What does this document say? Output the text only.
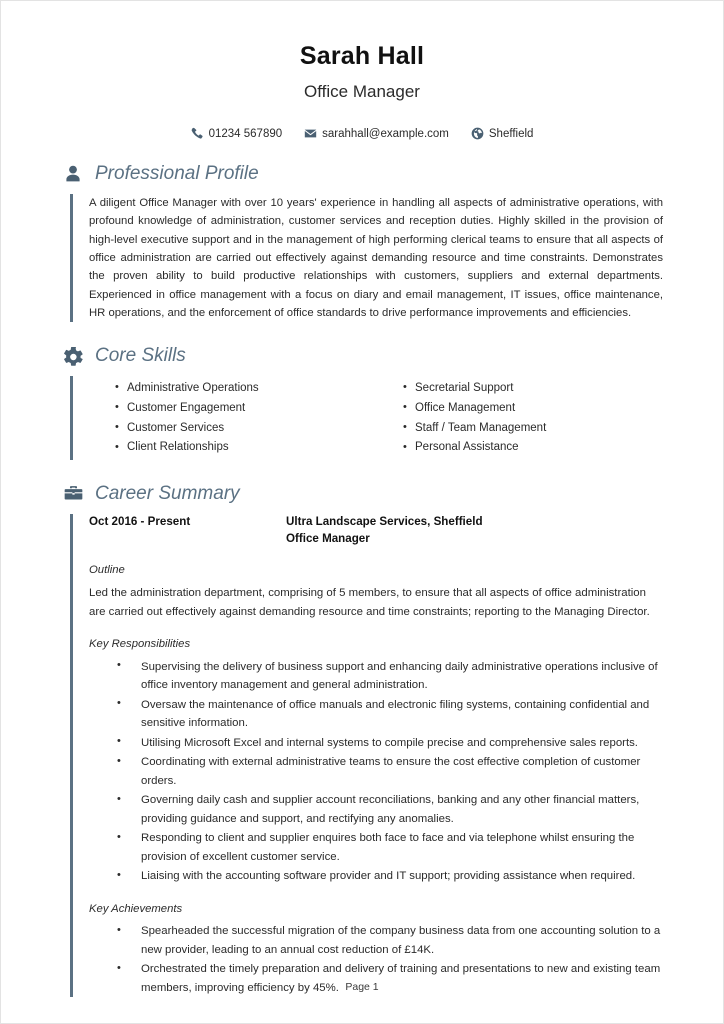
Sarah Hall
Office Manager
01234 567890	sarahhall@example.com	Sheffield
Professional Profile

A diligent Office Manager with over 10 years' experience in handling all aspects of administrative operations, with profound knowledge of administration, customer services and reception duties. Highly skilled in the provision of high-level executive support and in the management of high performing clerical teams to ensure that all aspects of office administration are carried out effectively against demanding resource and time constraints. Demonstrates the proven ability to build productive relationships with customers, suppliers and external departments. Experienced in office management with a focus on diary and email management, IT issues, office maintenance, HR operations, and the enforcement of office standards to drive performance improvements and efficiencies.

Core Skills
• Administrative Operations
• Customer Engagement
• Customer Services
• Client Relationships
• Secretarial Support
• Office Management
• Staff / Team Management
• Personal Assistance
Career Summary
Oct 2016 - Present	Ultra Landscape Services, Sheffield
Office Manager
Outline

Led the administration department, comprising of 5 members, to ensure that all aspects of office administration are carried out effectively against demanding resource and time constraints; reporting to the Managing Director.

Key Responsibilities
• Supervising the delivery of business support and enhancing daily administrative operations inclusive of office inventory management and general administration.
• Oversaw the maintenance of office manuals and electronic filing systems, containing confidential and sensitive information.
• Utilising Microsoft Excel and internal systems to compile precise and comprehensive sales reports.
• Coordinating with external administrative teams to ensure the cost effective completion of customer orders.
• Governing daily cash and supplier account reconciliations, banking and any other financial matters, providing guidance and support, and rectifying any anomalies.
• Responding to client and supplier enquires both face to face and via telephone whilst ensuring the provision of excellent customer service.
• Liaising with the accounting software provider and IT support; providing assistance when required.
Key Achievements
• Spearheaded the successful migration of the company business data from one accounting solution to a new provider, leading to an annual cost reduction of £14K.
• Orchestrated the timely preparation and delivery of training and presentations to new and existing team members, improving efficiency by 45%. Page 1
